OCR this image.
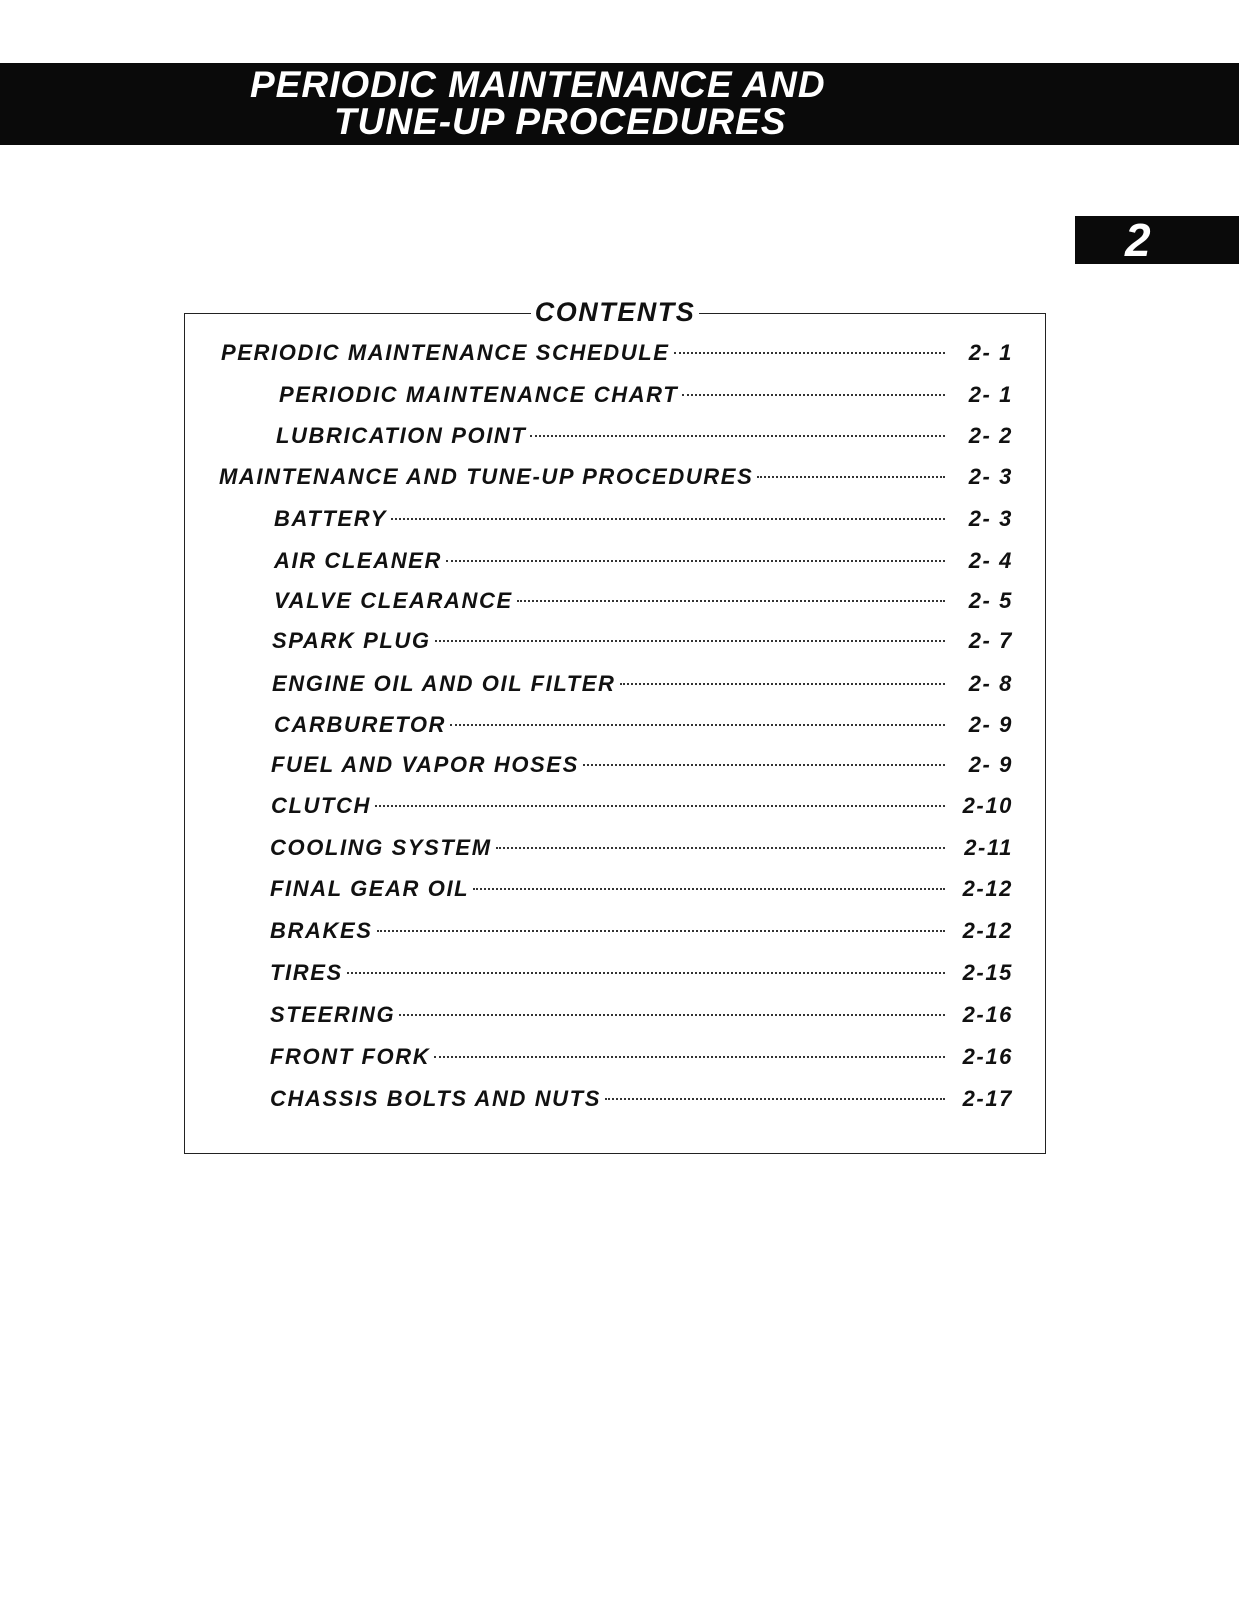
PERIODIC MAINTENANCE AND
TUNE-UP PROCEDURES
2
CONTENTS
PERIODIC MAINTENANCE SCHEDULE	2- 1
PERIODIC MAINTENANCE CHART	2- 1
LUBRICATION POINT	2- 2
MAINTENANCE AND TUNE-UP PROCEDURES	2- 3
BATTERY	2- 3
AIR CLEANER	2- 4
VALVE CLEARANCE	2- 5
SPARK PLUG	2- 7
ENGINE OIL AND OIL FILTER	2- 8
CARBURETOR	2- 9
FUEL AND VAPOR HOSES	2- 9
CLUTCH	2-10
COOLING SYSTEM	2-11
FINAL GEAR OIL	2-12
BRAKES	2-12
TIRES	2-15
STEERING	2-16
FRONT FORK	2-16
CHASSIS BOLTS AND NUTS	2-17
